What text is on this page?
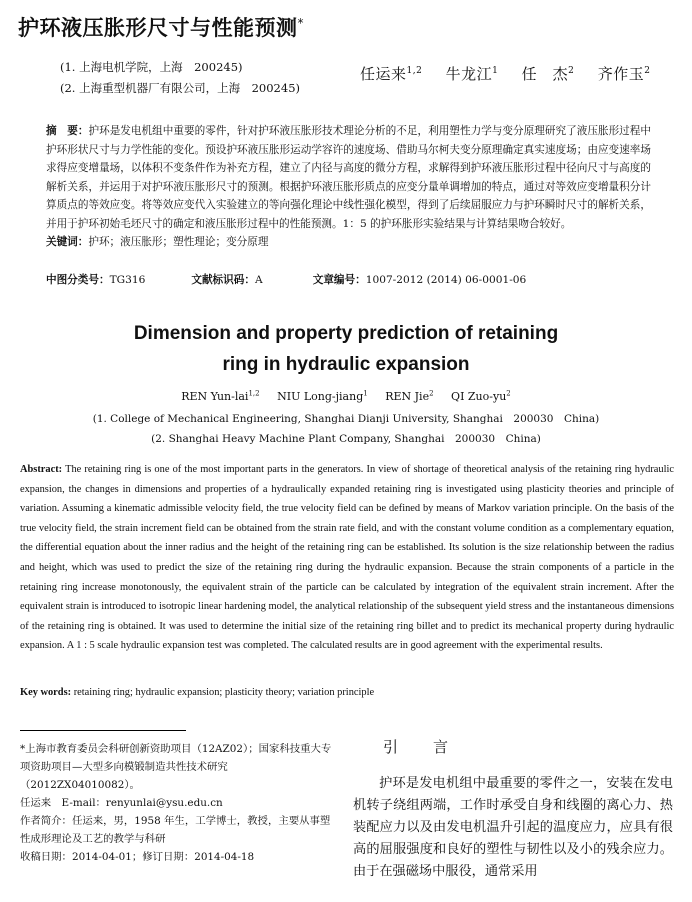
护环液压胀形尺寸与性能预测*
(1. 上海电机学院，上海　200245)
(2. 上海重型机器厂有限公司，上海　200245)
任运来$^{1,2}$ 牛龙江$^1$ 任　杰$^2$ 齐作玉$^2$
摘　要：护环是发电机组中重要的零件，针对护环液压胀形技术理论分析的不足，利用塑性力学与变分原理研究了液压胀形过程中护环形状尺寸与力学性能的变化。预设护环液压胀形运动学容许的速度场、借助马尔柯夫变分原理确定真实速度场；由应变速率场求得应变增量场，以体积不变条件作为补充方程，建立了内径与高度的微分方程，求解得到护环液压胀形过程中径向尺寸与高度的解析关系，并运用于对护环液压胀形尺寸的预测。根据护环液压胀形质点的应变分量单调增加的特点，通过对等效应变增量积分计算质点的等效应变。将等效应变代入实验建立的等向强化理论中线性强化模型，得到了后续屈服应力与护环瞬时尺寸的解析关系，并用于护环初始毛坯尺寸的确定和液压胀形过程中的性能预测。1：5 的护环胀形实验结果与计算结果吻合较好。
关键词：护环；液压胀形；塑性理论；变分原理
中图分类号：TG316	文献标识码：A	文章编号：1007-2012 (2014) 06-0001-06
Dimension and property prediction of retaining
ring in hydraulic expansion
REN Yun-lai$^{1,2}$ NIU Long-jiang$^1$ REN Jie$^2$ QI Zuo-$yu^2$
(1. College of Mechanical Engineering, Shanghai Dianji University, Shanghai　200030　China)
(2. Shanghai Heavy Machine Plant Company, Shanghai　200030　China)
Abstract: The retaining ring is one of the most important parts in the generators. In view of shortage of theoretical analysis of the retaining ring hydraulic expansion, the changes in dimensions and properties of a hydraulically expanded retaining ring is investigated using plasticity theories and principle of variation. Assuming a kinematic admissible velocity field, the true velocity field can be defined by means of Markov variation principle. On the basis of the true velocity field, the strain increment field can be obtained from the strain rate field, and with the constant volume condition as a complementary equation, the differential equation about the inner radius and the height of the retaining ring can be established. Its solution is the size relationship between the radius and height, which was used to predict the size of the retaining ring during the hydraulic expansion. Because the strain components of a particle in the retaining ring increase monotonously, the equivalent strain of the particle can be calculated by integration of the equivalent strain increment. After the equivalent strain is introduced to isotropic linear hardening model, the analytical relationship of the subsequent yield stress and the instantaneous dimensions of the retaining ring is obtained. It was used to determine the initial size of the retaining ring billet and to predict its mechanical property during hydraulic expansion. A 1 : 5 scale hydraulic expansion test was completed. The calculated results are in good agreement with the experimental results.
Key words: retaining ring; hydraulic expansion; plasticity theory; variation principle
*上海市教育委员会科研创新资助项目（12AZ02）；国家科技重大专项资助项目—大型多向模锻制造共性技术研究（2012ZX04010082）。
任运来　E-mail：renyunlai@ysu.edu.cn
作者简介：任运来，男，1958 年生，工学博士，教授，主要从事塑性成形理论及工艺的教学与科研
收稿日期：2014-04-01；修订日期：2014-04-18
引　言
护环是发电机组中最重要的零件之一，安装在发电机转子绕组两端，工作时承受自身和线圈的离心力、热装配应力以及由发电机温升引起的温度应力，应具有很高的屈服强度和良好的塑性与韧性以及小的残余应力。由于在强磁场中服役，通常采用
